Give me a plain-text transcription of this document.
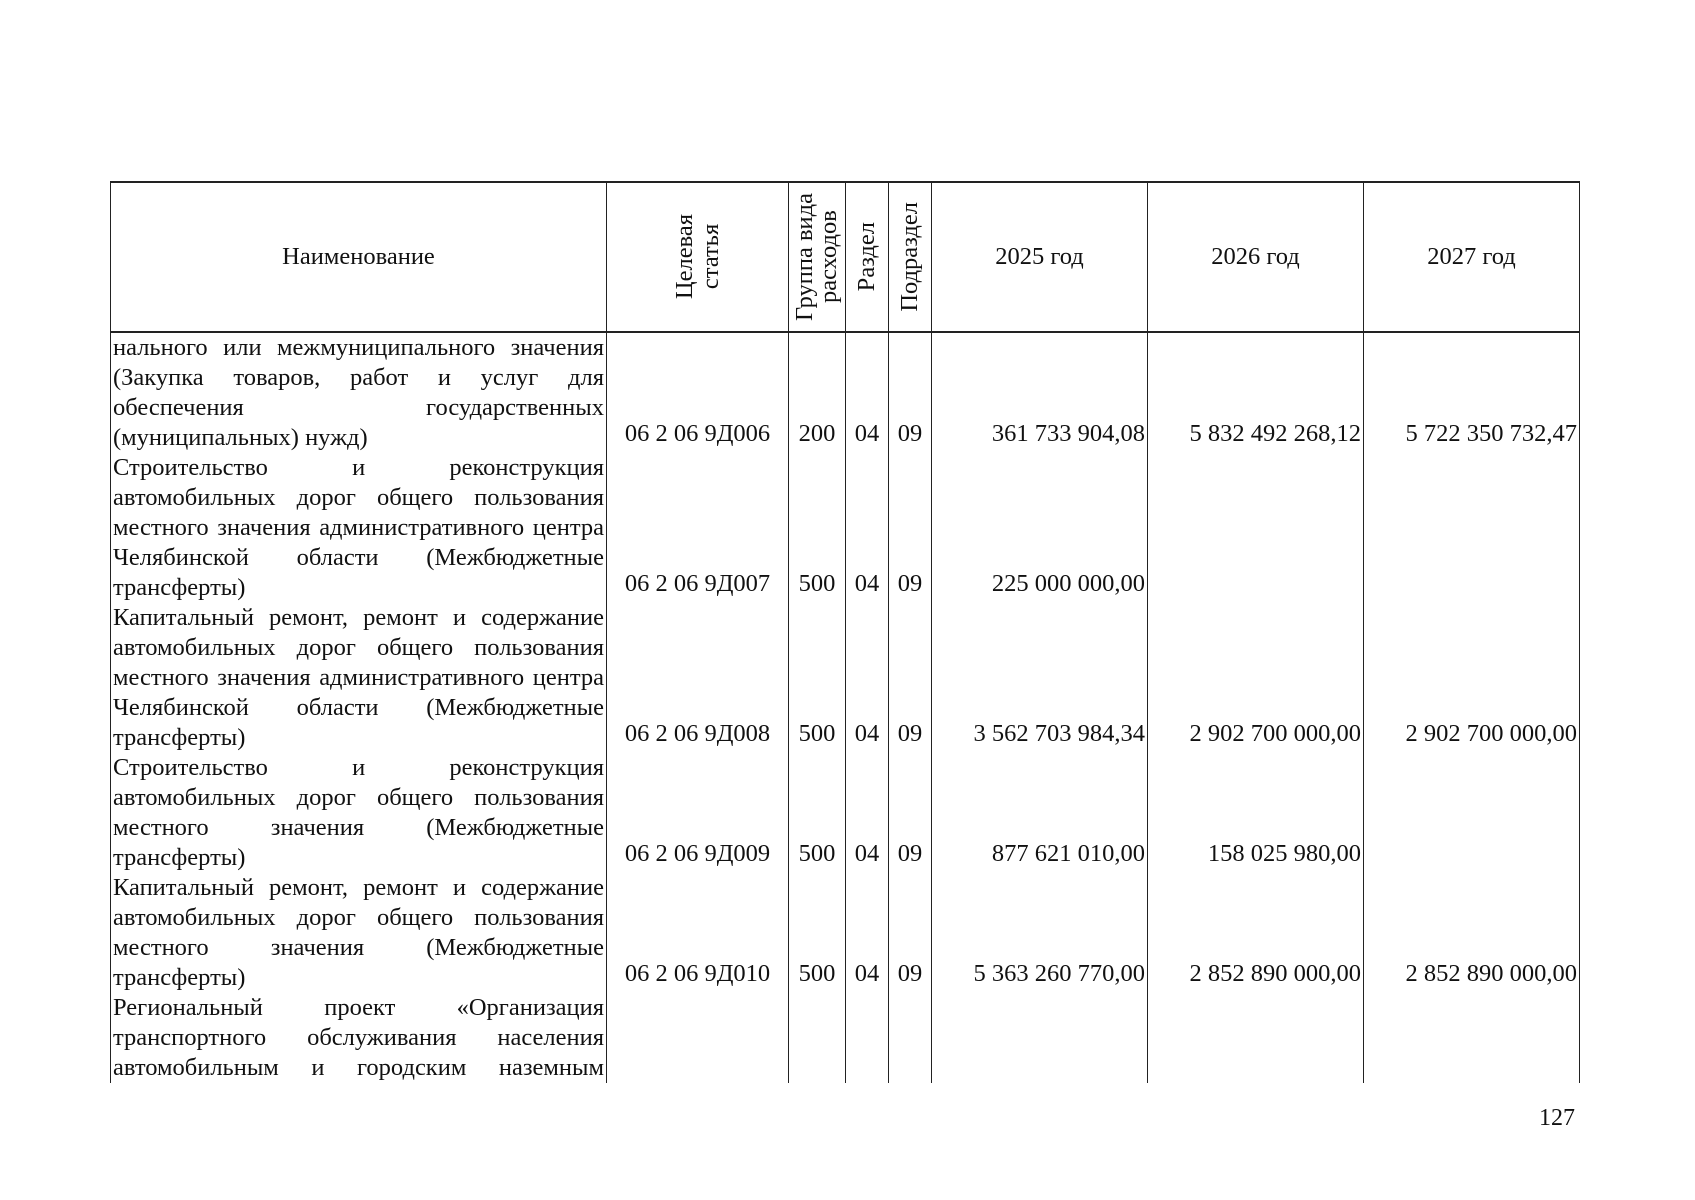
Наименование	Целевая статья	Группа вида
расходов	Раздел	Подраздел	2025 год	2026 год	2027 год
нального или межмуниципального значения (Закупка товаров, работ и услуг для обеспечения государственных (муниципальных) нужд)	06 2 06 9Д006	200	04	09	361 733 904,08	5 832 492 268,12	5 722 350 732,47
Строительство и реконструкция автомобильных дорог общего пользования местного значения административного центра Челябинской области (Межбюджетные трансферты)	06 2 06 9Д007	500	04	09	225 000 000,00		
Капитальный ремонт, ремонт и содержание автомобильных дорог общего пользования местного значения административного центра Челябинской области (Межбюджетные трансферты)	06 2 06 9Д008	500	04	09	3 562 703 984,34	2 902 700 000,00	2 902 700 000,00
Строительство и реконструкция автомобильных дорог общего пользования местного значения (Межбюджетные трансферты)	06 2 06 9Д009	500	04	09	877 621 010,00	158 025 980,00	
Капитальный ремонт, ремонт и содержание автомобильных дорог общего пользования местного значения (Межбюджетные трансферты)	06 2 06 9Д010	500	04	09	5 363 260 770,00	2 852 890 000,00	2 852 890 000,00
Региональный проект «Организация транспортного обслуживания населения автомобильным и городским наземным							
127
